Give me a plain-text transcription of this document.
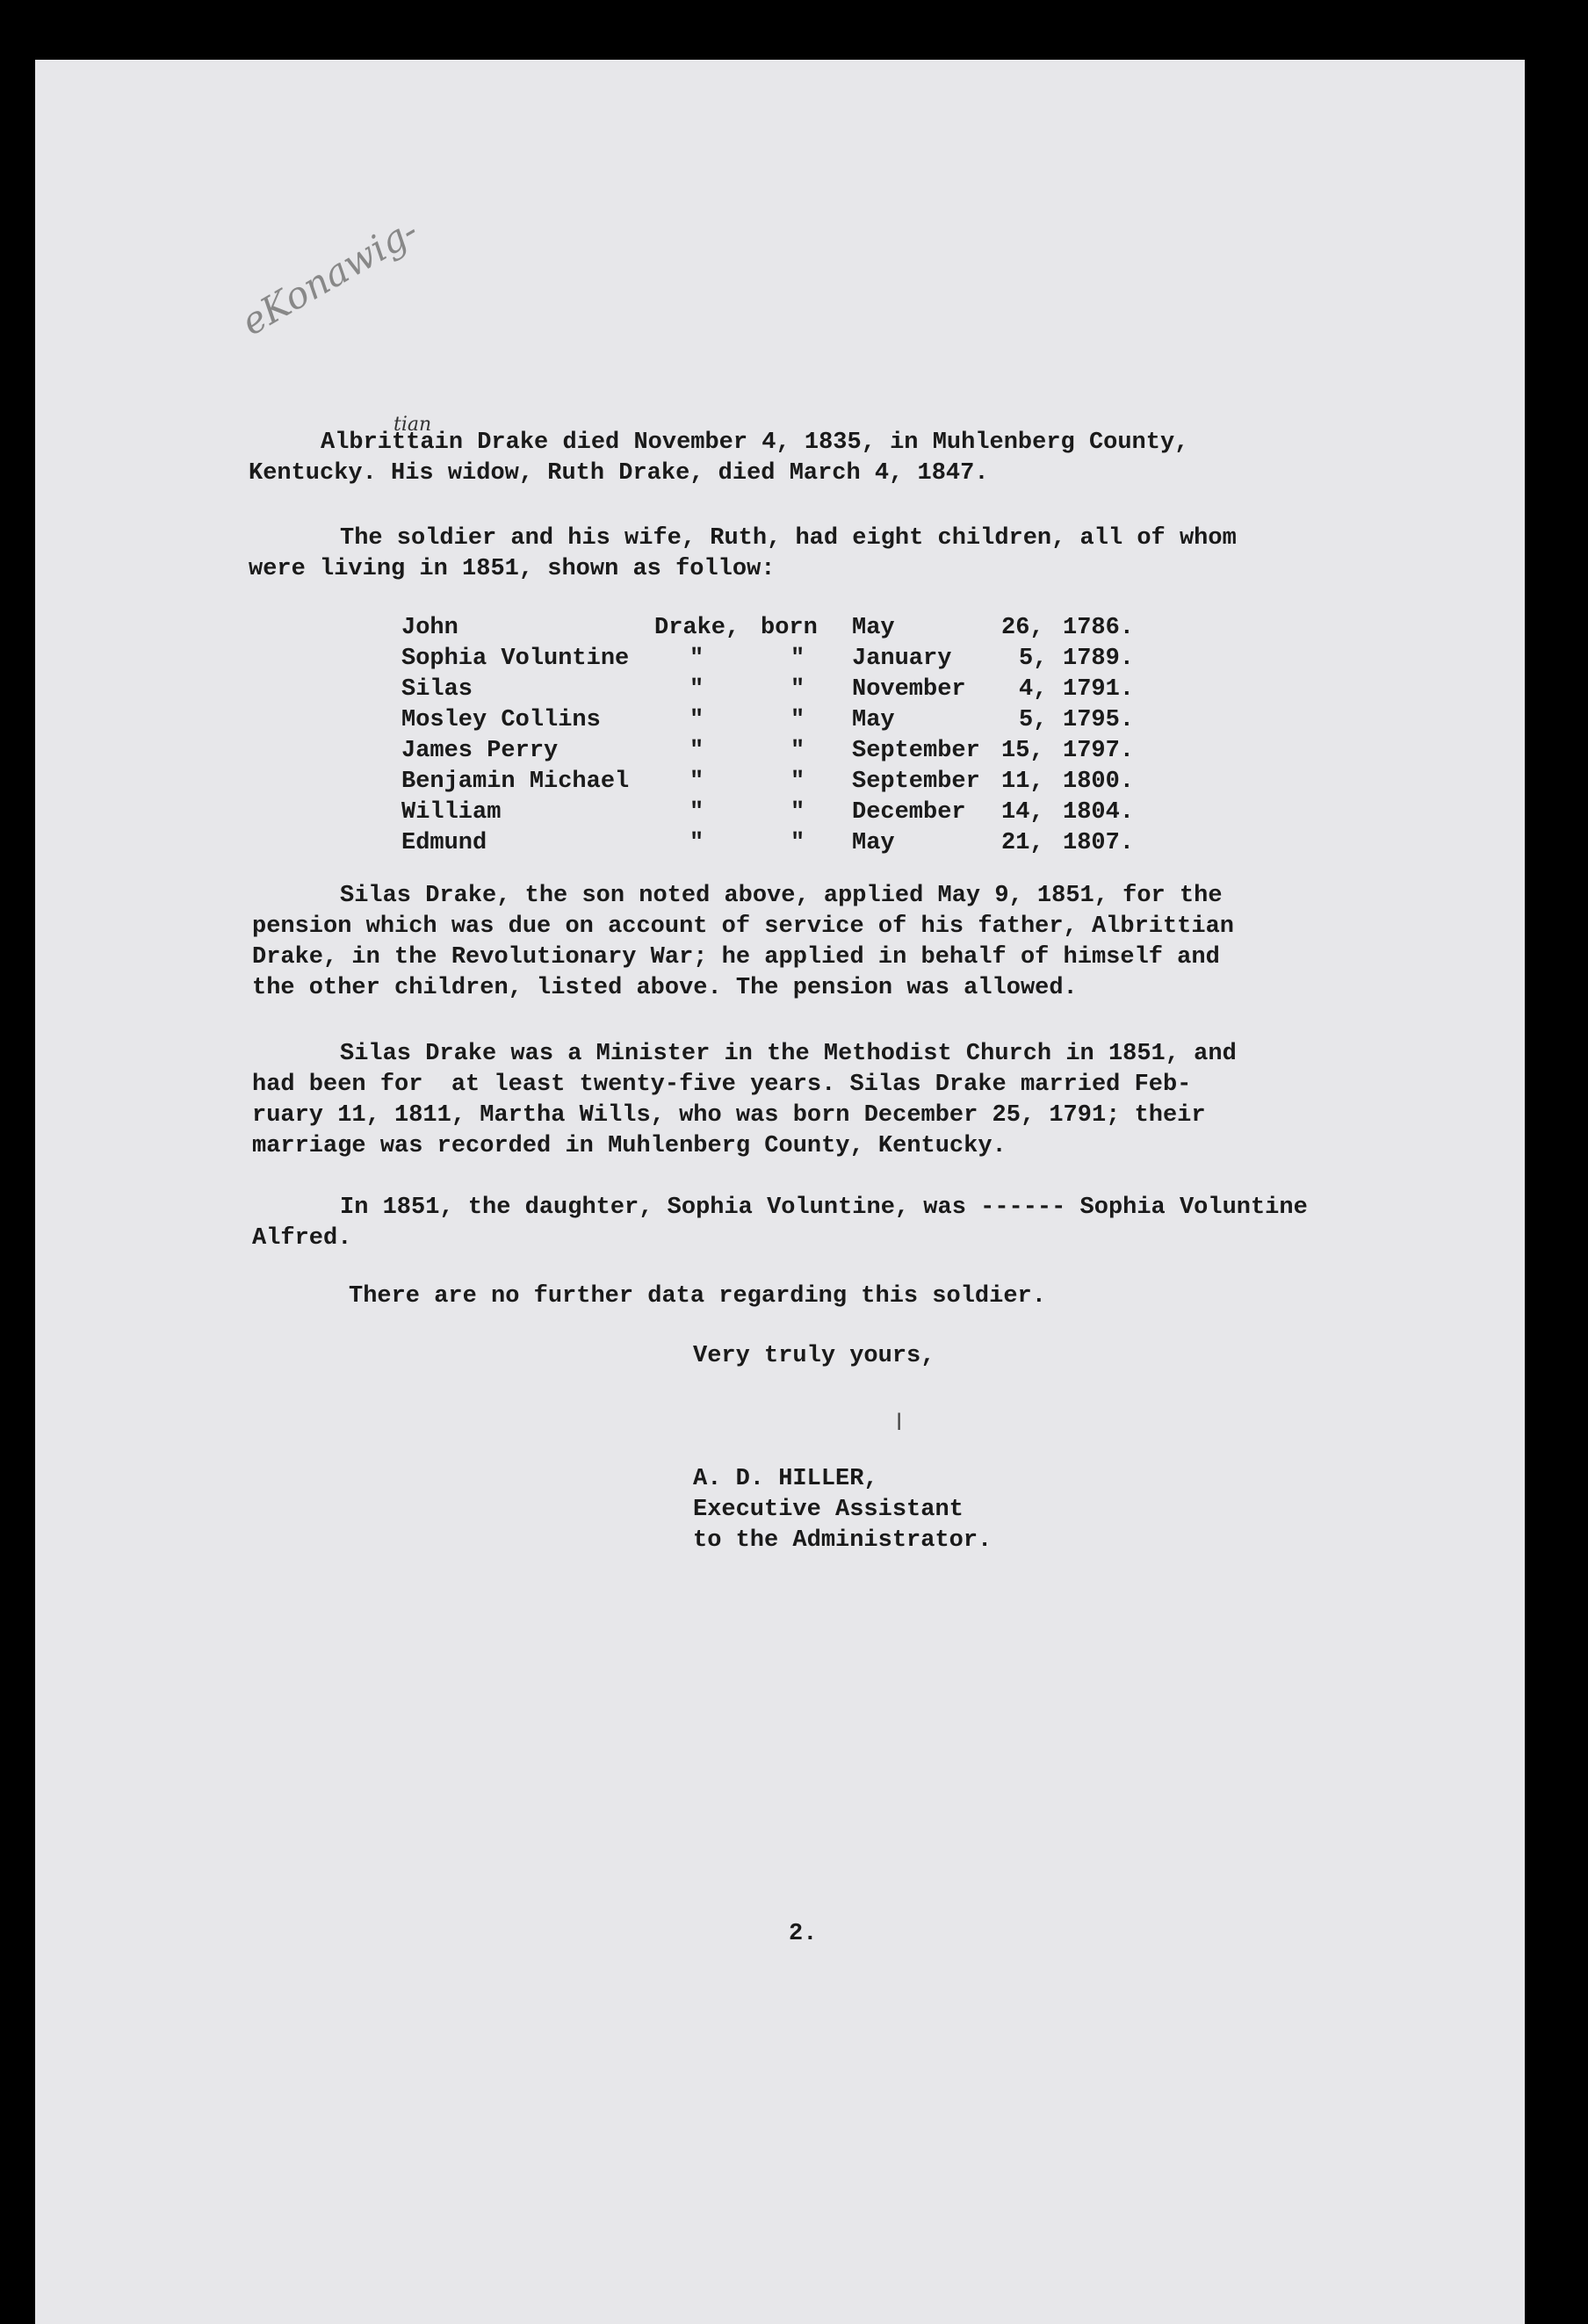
eKonawig-
tian
Albrittain Drake died November 4, 1835, in Muhlenberg County,
Kentucky. His widow, Ruth Drake, died March 4, 1847.
The soldier and his wife, Ruth, had eight children, all of whom
were living in 1851, shown as follow:
John	Drake, born May	26, 1786.
Sophia Voluntine	"	" January	5, 1789.
Silas	"	" November 4, 1791.
Mosley Collins	"	" May	5, 1795.
James Perry	"	" September 15, 1797.
Benjamin Michael	"	" September 11, 1800.
William	"	" December 14, 1804.
Edmund	"	" May	21, 1807.
Silas Drake, the son noted above, applied May 9, 1851, for the
pension which was due on account of service of his father, Albrittian
Drake, in the Revolutionary War; he applied in behalf of himself and
the other children, listed above. The pension was allowed.
Silas Drake was a Minister in the Methodist Church in 1851, and
had been for  at least twenty-five years. Silas Drake married Feb-
ruary 11, 1811, Martha Wills, who was born December 25, 1791; their
marriage was recorded in Muhlenberg County, Kentucky.
In 1851, the daughter, Sophia Voluntine, was ------ Sophia Voluntine
Alfred.
There are no further data regarding this soldier.
Very truly yours,
ⅼ
A. D. HILLER,
Executive Assistant
to the Administrator.
2.
